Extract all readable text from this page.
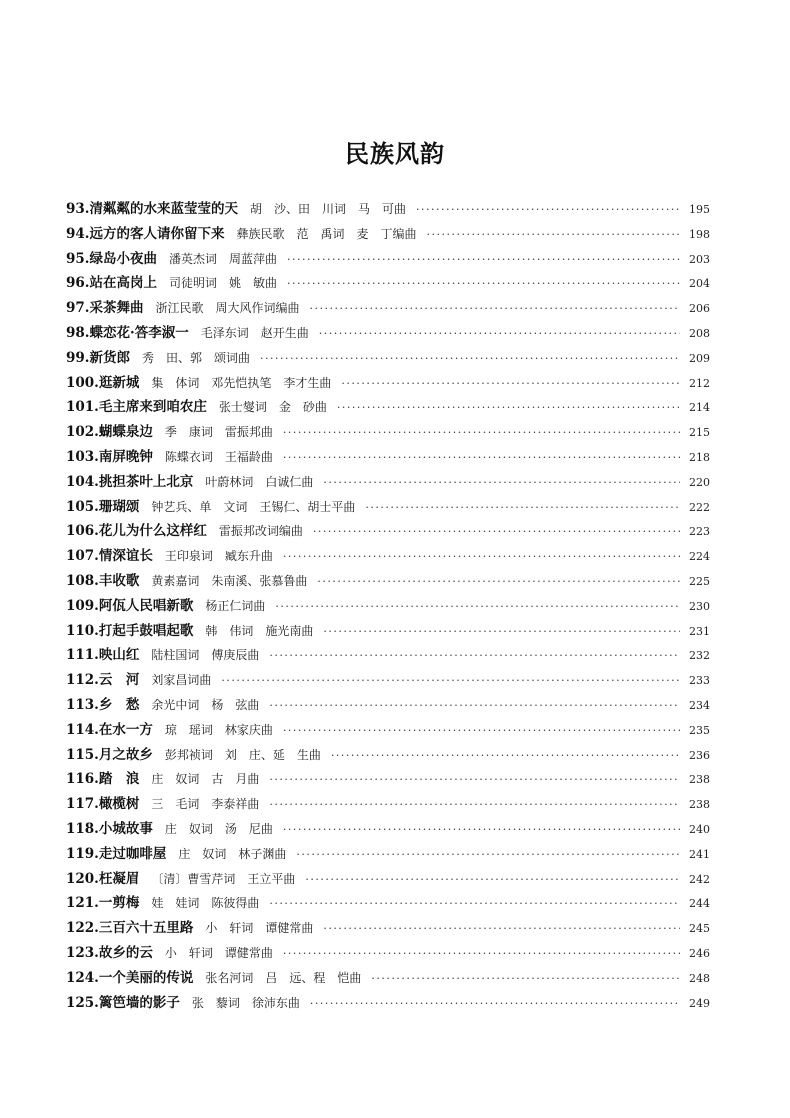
民族风韵
93. 清粼粼的水来蓝莹莹的天 胡　沙、田　川词　马　可曲 ·····	195
94. 远方的客人请你留下来 彝族民歌　范　禹词　麦　丁编曲 ·····	198
95. 绿岛小夜曲 潘英杰词　周蓝萍曲 ·····	203
96. 站在高岗上 司徒明词　姚　敏曲 ·····	204
97. 采茶舞曲 浙江民歌　周大风作词编曲 ·····	206
98. 蝶恋花·答李淑一 毛泽东词　赵开生曲 ·····	208
99. 新货郎 秀　田、郭　颂词曲 ·····	209
100. 逛新城 集　体词　邓先恺执笔　李才生曲 ·····	212
101. 毛主席来到咱农庄 张士燮词　金　砂曲 ·····	214
102. 蝴蝶泉边 季　康词　雷振邦曲 ·····	215
103. 南屏晚钟 陈蝶衣词　王福龄曲 ·····	218
104. 挑担茶叶上北京 叶蔚林词　白诚仁曲 ·····	220
105. 珊瑚颂 钟艺兵、单　文词　王锡仁、胡士平曲 ·····	222
106. 花儿为什么这样红 雷振邦改词编曲 ·····	223
107. 情深谊长 王印泉词　臧东升曲 ·····	224
108. 丰收歌 黄素嘉词　朱南溪、张慕鲁曲 ·····	225
109. 阿佤人民唱新歌 杨正仁词曲 ·····	230
110. 打起手鼓唱起歌 韩　伟词　施光南曲 ·····	231
111. 映山红 陆柱国词　傅庚辰曲 ·····	232
112. 云　河 刘家昌词曲 ·····	233
113. 乡　愁 余光中词　杨　弦曲 ·····	234
114. 在水一方 琼　瑶词　林家庆曲 ·····	235
115. 月之故乡 彭邦祯词　刘　庄、延　生曲 ·····	236
116. 踏　浪 庄　奴词　古　月曲 ·····	238
117. 橄榄树 三　毛词　李泰祥曲 ·····	238
118. 小城故事 庄　奴词　汤　尼曲 ·····	240
119. 走过咖啡屋 庄　奴词　林子渊曲 ·····	241
120. 枉凝眉 〔清〕曹雪芹词　王立平曲 ·····	242
121. 一剪梅 娃　娃词　陈彼得曲 ·····	244
122. 三百六十五里路 小　轩词　谭健常曲 ·····	245
123. 故乡的云 小　轩词　谭健常曲 ·····	246
124. 一个美丽的传说 张名河词　吕　远、程　恺曲 ·····	248
125. 篱笆墙的影子 张　藜词　徐沛东曲 ·····	249
